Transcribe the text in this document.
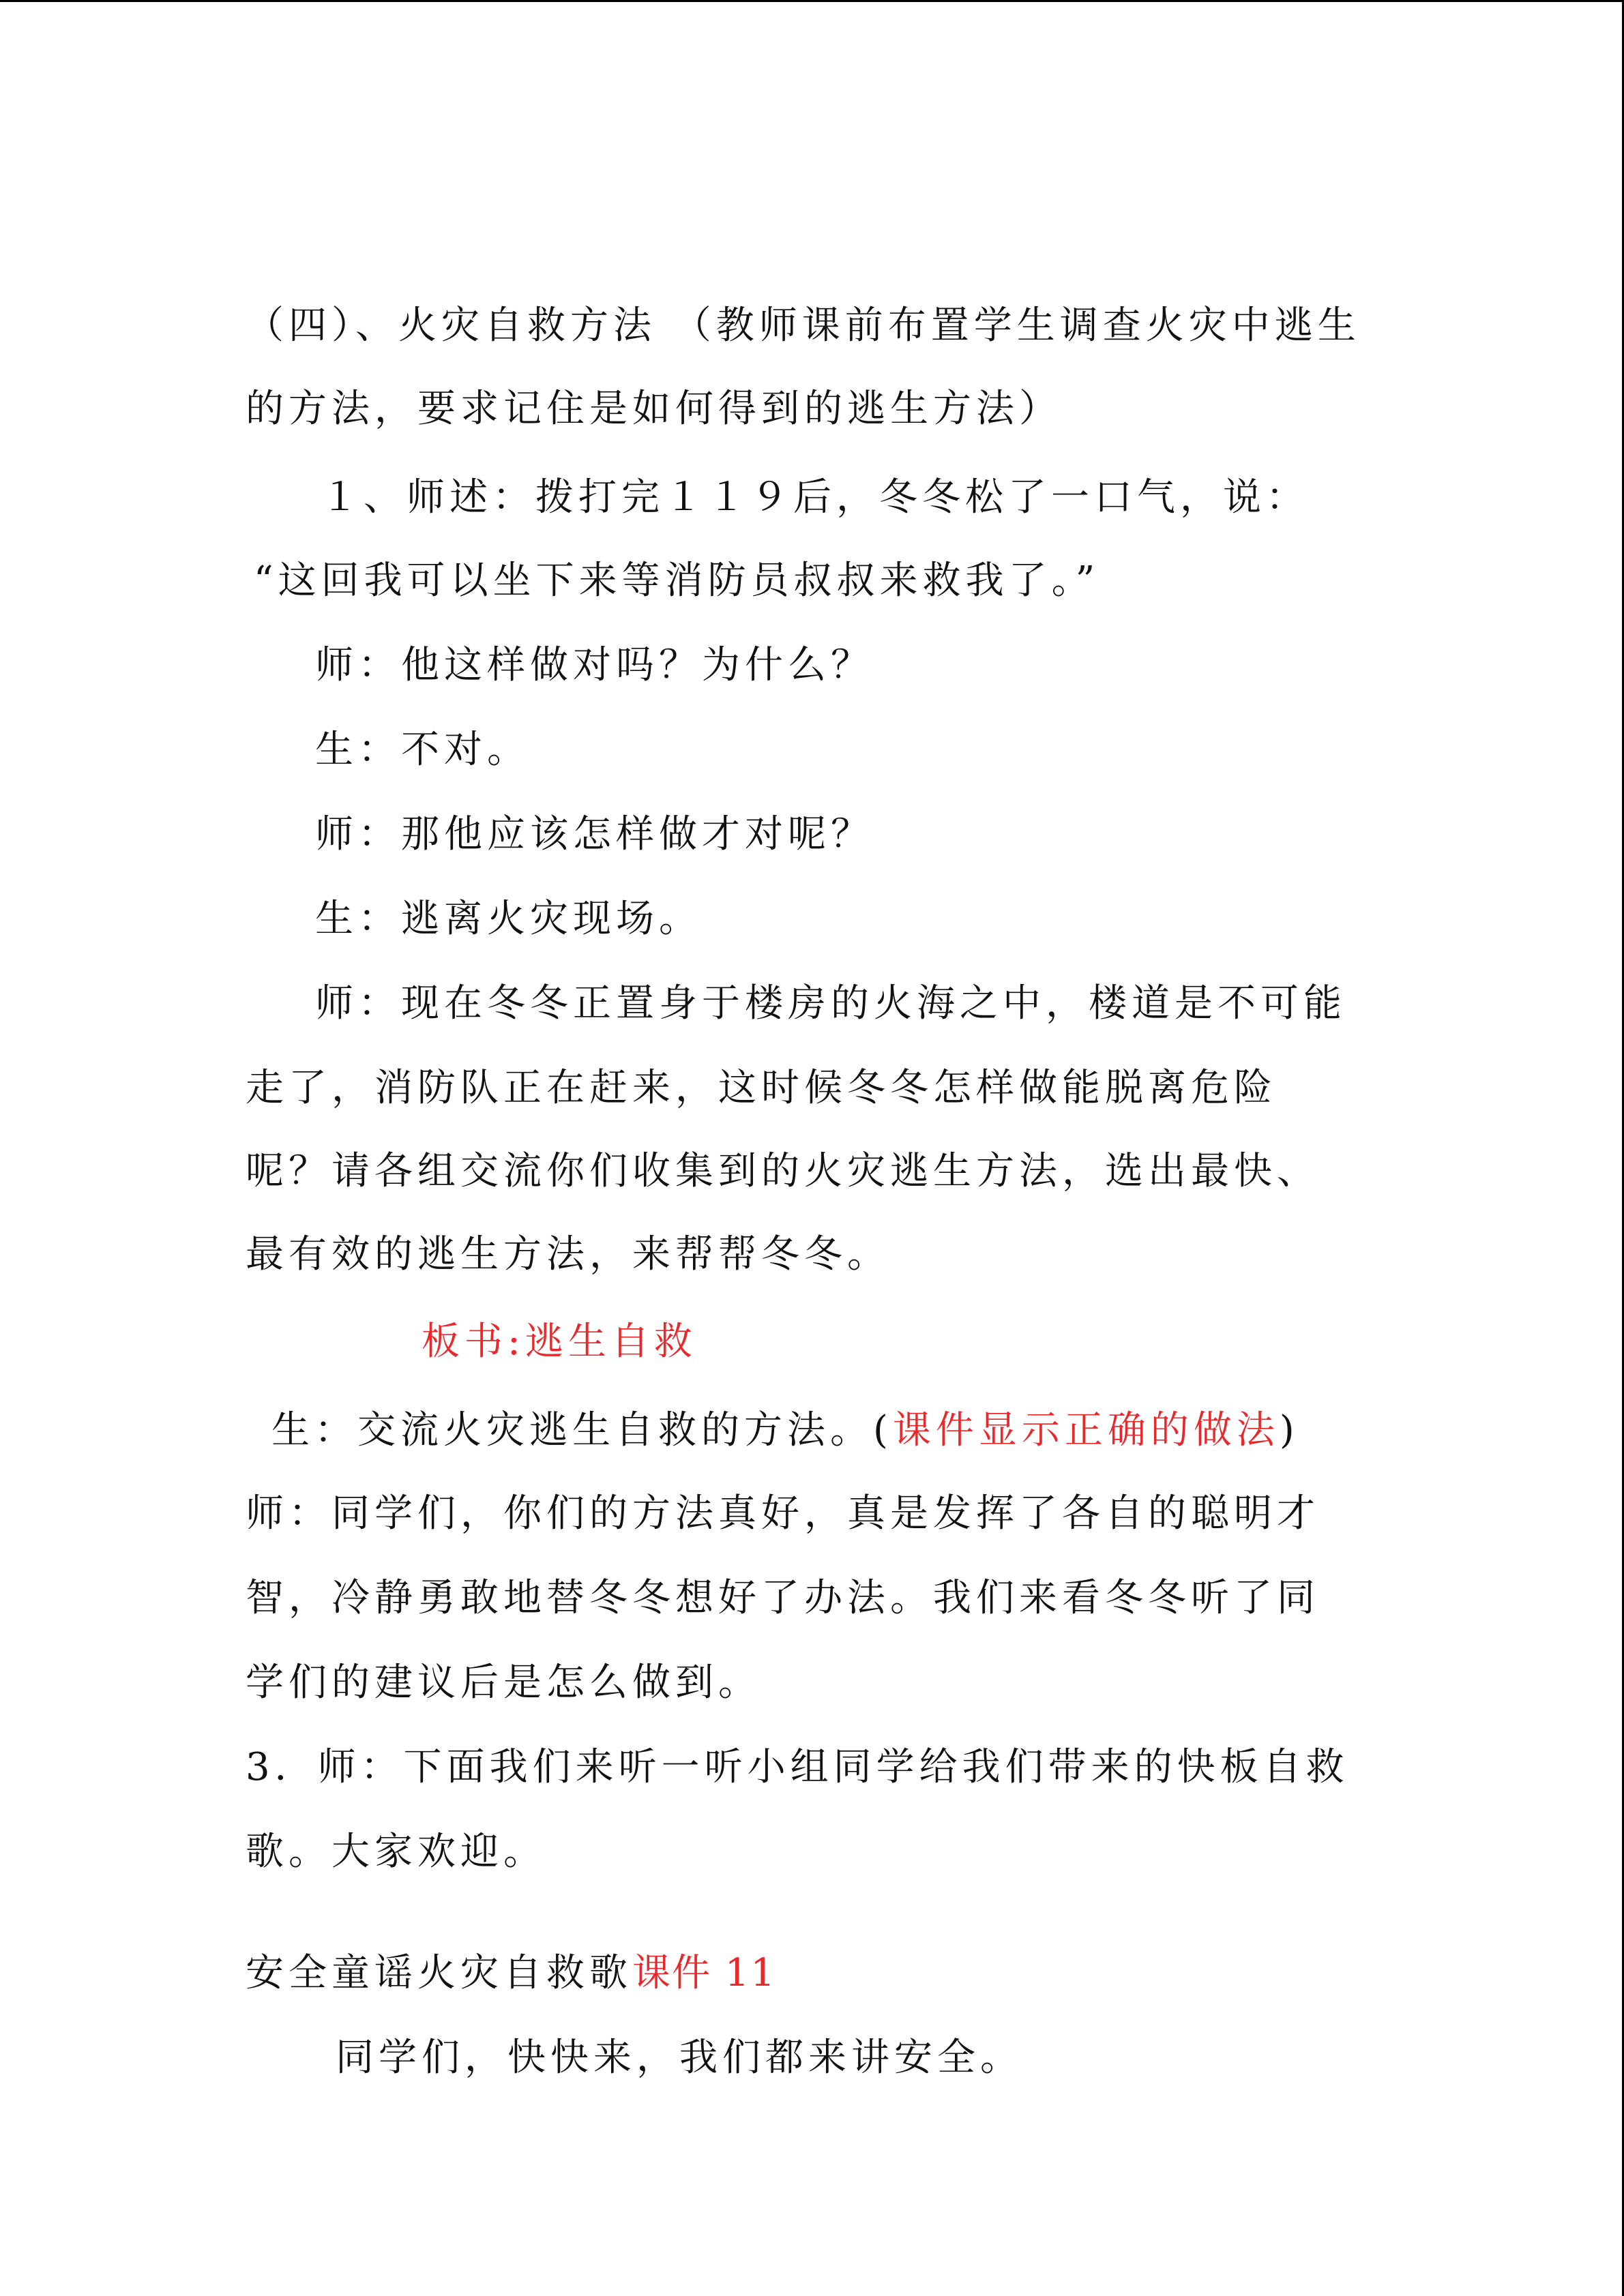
（四）、火灾自救方法 （教师课前布置学生调查火灾中逃生
的方法，要求记住是如何得到的逃生方法）
１、师述：拨打完１１９后，冬冬松了一口气，说：
“这回我可以坐下来等消防员叔叔来救我了。”
师：他这样做对吗？为什么？
生：不对。
师：那他应该怎样做才对呢？
生：逃离火灾现场。
师：现在冬冬正置身于楼房的火海之中，楼道是不可能
走了，消防队正在赶来，这时候冬冬怎样做能脱离危险
呢？请各组交流你们收集到的火灾逃生方法，选出最快、
最有效的逃生方法，来帮帮冬冬。
板书:逃生自救
生：交流火灾逃生自救的方法。(课件显示正确的做法)
师：同学们，你们的方法真好，真是发挥了各自的聪明才
智，冷静勇敢地替冬冬想好了办法。我们来看冬冬听了同
学们的建议后是怎么做到。
3．师：下面我们来听一听小组同学给我们带来的快板自救
歌。大家欢迎。
安全童谣火灾自救歌课件 11
同学们，快快来，我们都来讲安全。
